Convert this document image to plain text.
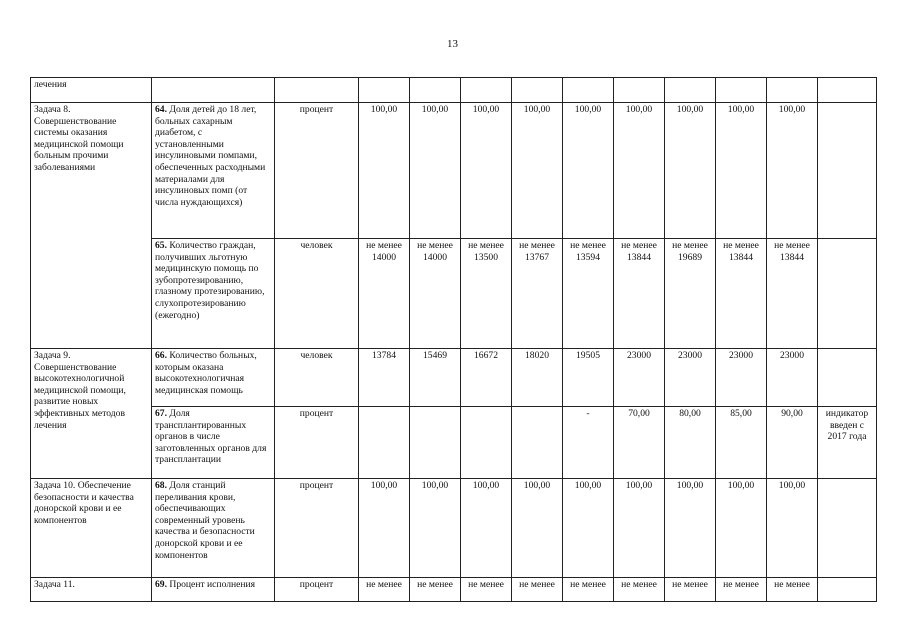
13
лечения												
Задача 8. Совершенствование системы оказания медицинской помощи больным прочими заболеваниями	64. Доля детей до 18 лет, больных сахарным диабетом, с установленными инсулиновыми помпами, обеспеченных расходными материалами для инсулиновых помп (от числа нуждающихся)	процент	100,00	100,00	100,00	100,00	100,00	100,00	100,00	100,00	100,00	
	65. Количество граждан, получивших льготную медицинскую помощь по зубопротезированию, глазному протезированию, слухопротезированию (ежегодно)	человек	не менее 14000	не менее 14000	не менее 13500	не менее 13767	не менее 13594	не менее 13844	не менее 19689	не менее 13844	не менее 13844	
Задача 9. Совершенствование высокотехнологичной медицинской помощи, развитие новых эффективных методов лечения	66. Количество больных, которым оказана высокотехнологичная медицинская помощь	человек	13784	15469	16672	18020	19505	23000	23000	23000	23000	
	67. Доля трансплантированных органов в числе заготовленных органов для трансплантации	процент					-	70,00	80,00	85,00	90,00	индикатор введен с 2017 года
Задача 10. Обеспечение безопасности и качества донорской крови и ее компонентов	68. Доля станций переливания крови, обеспечивающих современный уровень качества и безопасности донорской крови и ее компонентов	процент	100,00	100,00	100,00	100,00	100,00	100,00	100,00	100,00	100,00	
Задача 11.	69. Процент исполнения	процент	не менее	не менее	не менее	не менее	не менее	не менее	не менее	не менее	не менее	
